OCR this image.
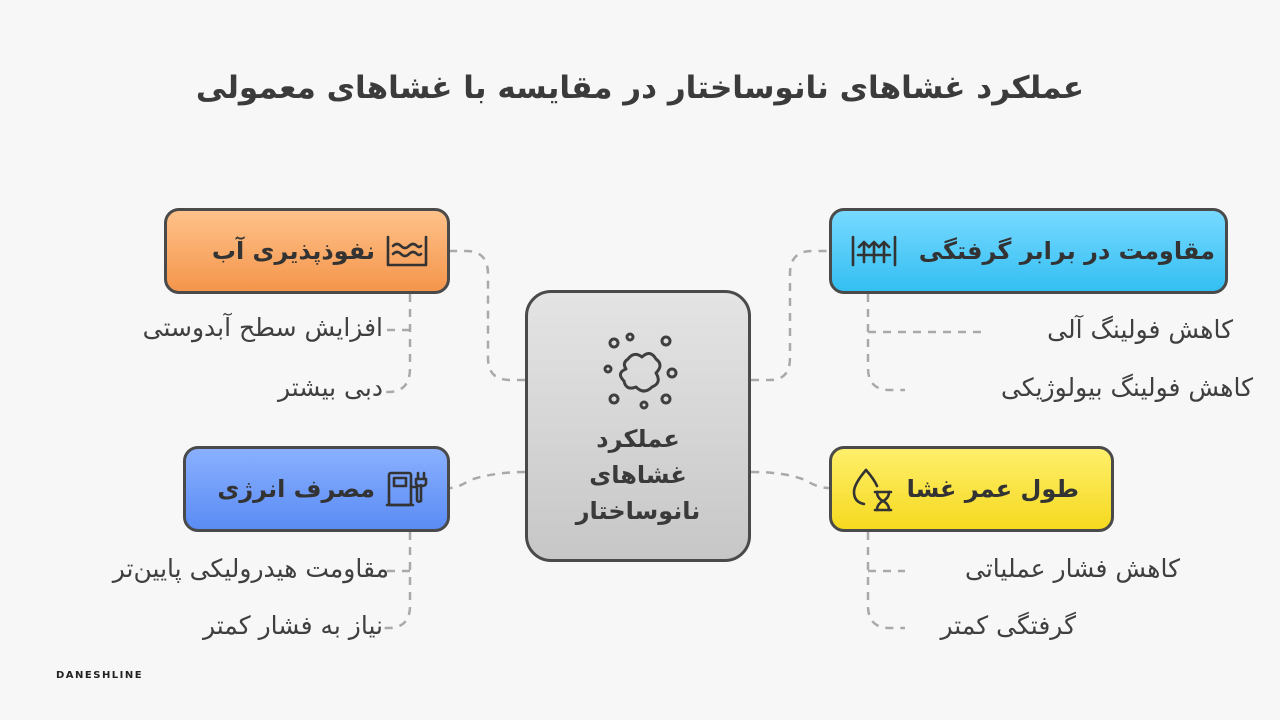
عملکرد غشاهای نانوساختار در مقایسه با غشاهای معمولی
عملکرد
غشاهای
نانوساختار
نفوذپذیری آب
مصرف انرژی
مقاومت در برابر گرفتگی
طول عمر غشا
افزایش سطح آبدوستی
دبی بیشتر
مقاومت هیدرولیکی پایین‌تر
نیاز به فشار کمتر
کاهش فولینگ آلی
کاهش فولینگ بیولوژیکی
کاهش فشار عملیاتی
گرفتگی کمتر
DANESHLINE
